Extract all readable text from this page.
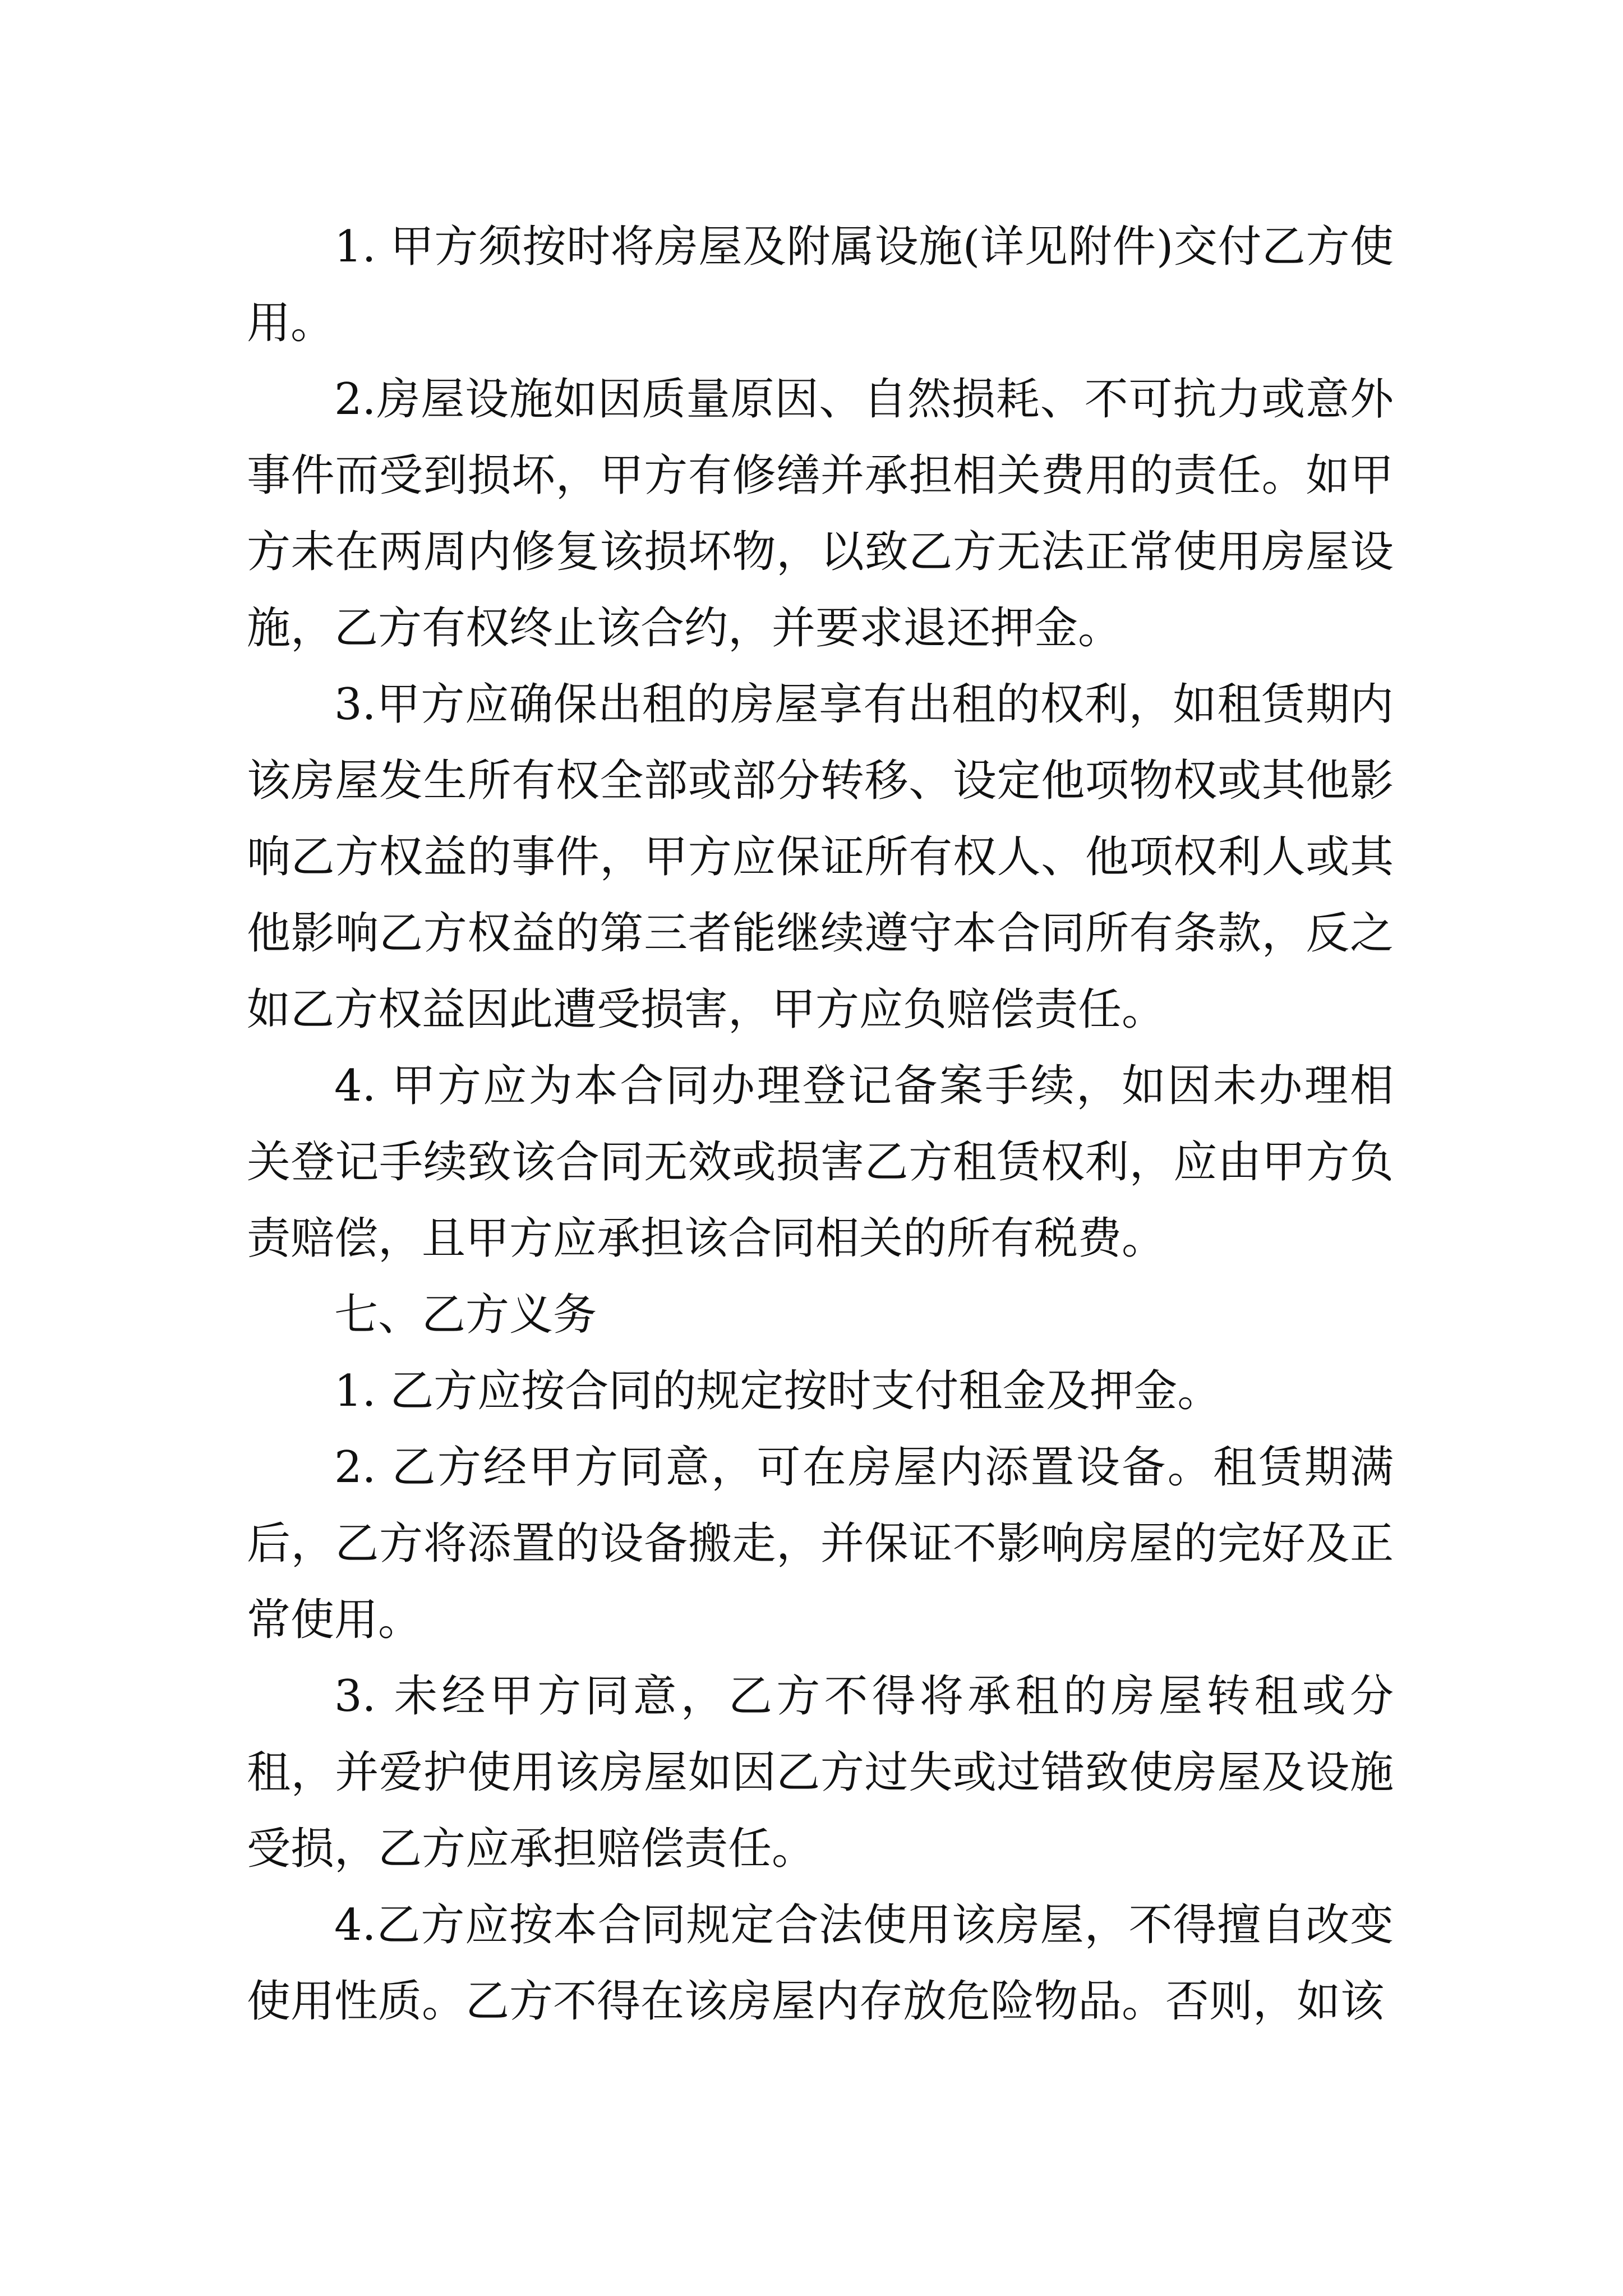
1. 甲方须按时将房屋及附属设施(详见附件)交付乙方使用。

2.房屋设施如因质量原因、自然损耗、不可抗力或意外事件而受到损坏，甲方有修缮并承担相关费用的责任。如甲方未在两周内修复该损坏物，以致乙方无法正常使用房屋设施，乙方有权终止该合约，并要求退还押金。

3.甲方应确保出租的房屋享有出租的权利，如租赁期内该房屋发生所有权全部或部分转移、设定他项物权或其他影响乙方权益的事件，甲方应保证所有权人、他项权利人或其他影响乙方权益的第三者能继续遵守本合同所有条款，反之如乙方权益因此遭受损害，甲方应负赔偿责任。

4. 甲方应为本合同办理登记备案手续，如因未办理相关登记手续致该合同无效或损害乙方租赁权利，应由甲方负责赔偿，且甲方应承担该合同相关的所有税费。

七、乙方义务

1. 乙方应按合同的规定按时支付租金及押金。

2. 乙方经甲方同意，可在房屋内添置设备。租赁期满后，乙方将添置的设备搬走，并保证不影响房屋的完好及正常使用。

3. 未经甲方同意，乙方不得将承租的房屋转租或分租，并爱护使用该房屋如因乙方过失或过错致使房屋及设施受损，乙方应承担赔偿责任。

4.乙方应按本合同规定合法使用该房屋，不得擅自改变使用性质。乙方不得在该房屋内存放危险物品。否则，如该
